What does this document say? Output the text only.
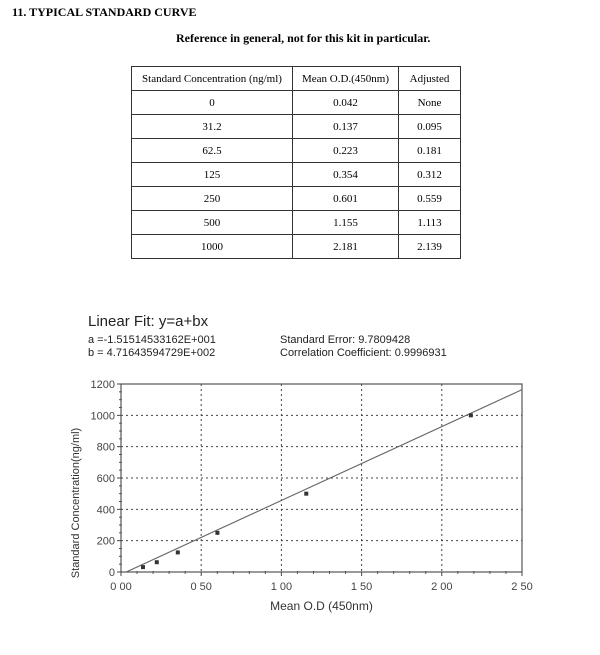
11. TYPICAL STANDARD CURVE
Reference in general, not for this kit in particular.
Standard Concentration (ng/ml)	Mean O.D.(450nm)	Adjusted
0	0.042	None
31.2	0.137	0.095
62.5	0.223	0.181
125	0.354	0.312
250	0.601	0.559
500	1.155	1.113
1000	2.181	2.139
Linear Fit: y=a+bx
a =-1.51514533162E+001
b = 4.71643594729E+002
Standard Error: 9.7809428
Correlation Coefficient: 0.9996931
0
200
400
600
800
1000
1200
0 00	0 50	1 00	1 50	2 00	2 50
Mean O.D (450nm)
Standard Concentration(ng/ml)
